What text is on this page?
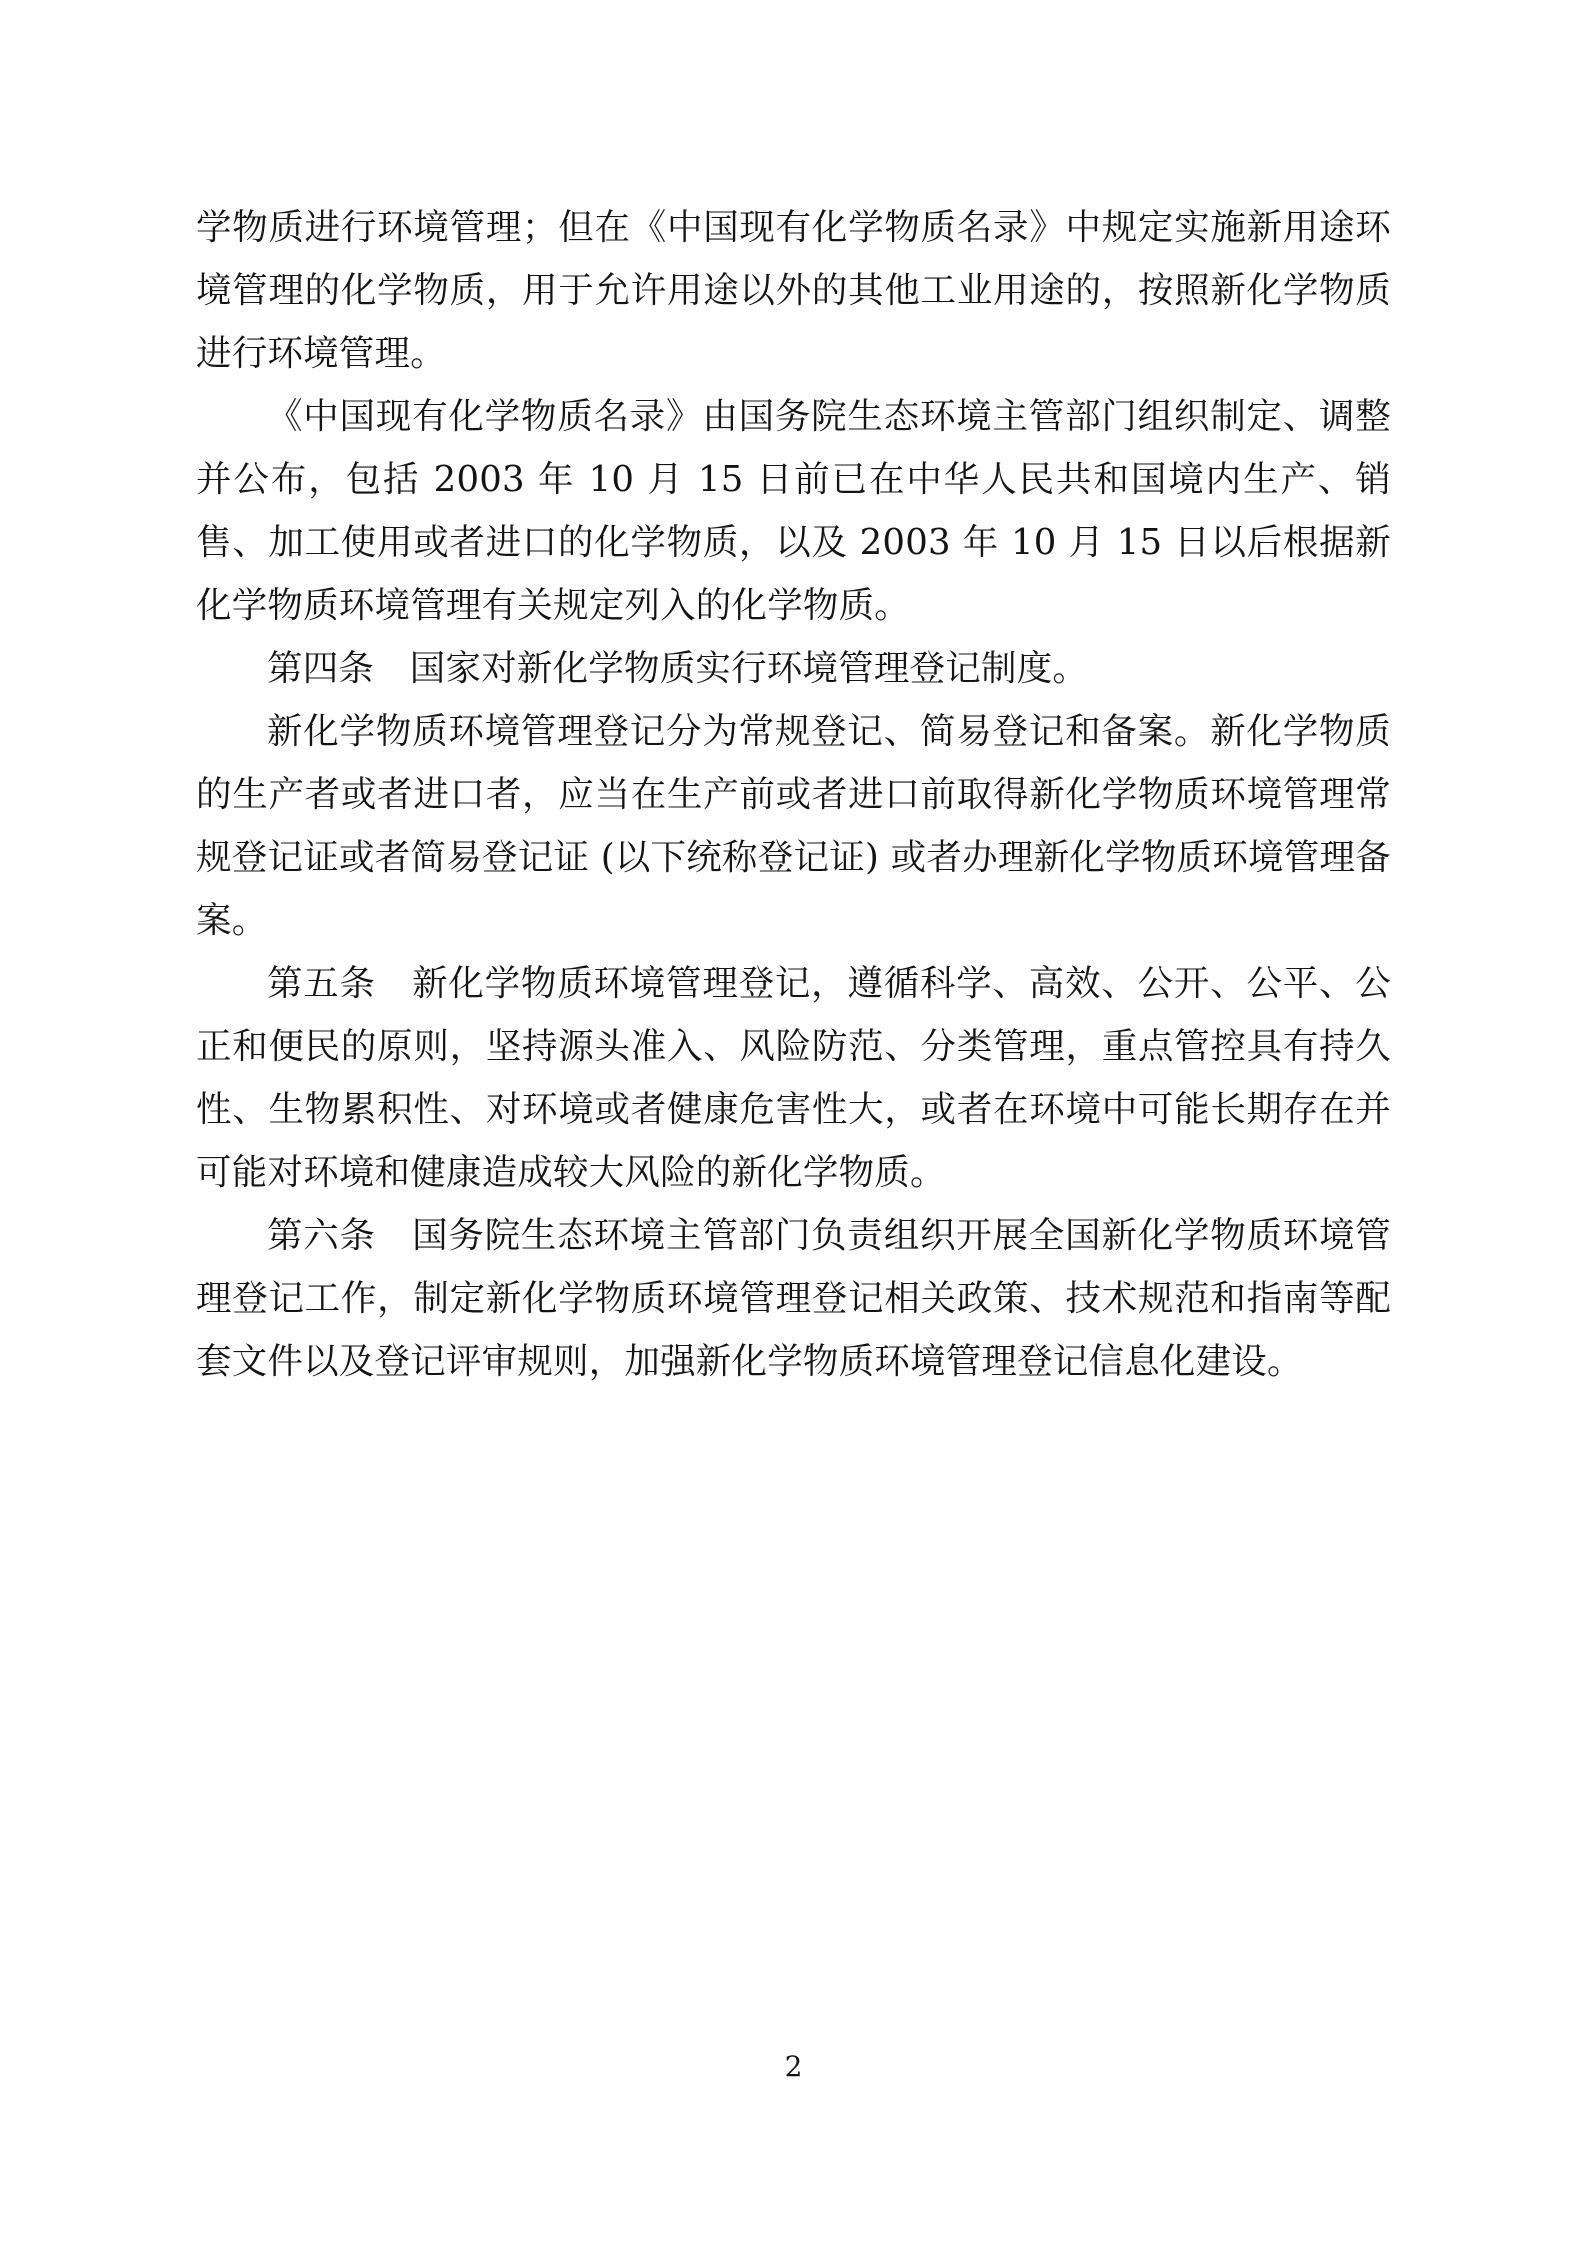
学物质进行环境管理；但在《中国现有化学物质名录》中规定实施新用途环境管理的化学物质，用于允许用途以外的其他工业用途的，按照新化学物质进行环境管理。

《中国现有化学物质名录》由国务院生态环境主管部门组织制定、调整并公布，包括 2003 年 10 月 15 日前已在中华人民共和国境内生产、销售、加工使用或者进口的化学物质，以及 2003 年 10 月 15 日以后根据新化学物质环境管理有关规定列入的化学物质。

第四条　国家对新化学物质实行环境管理登记制度。

新化学物质环境管理登记分为常规登记、简易登记和备案。新化学物质的生产者或者进口者，应当在生产前或者进口前取得新化学物质环境管理常规登记证或者简易登记证 (以下统称登记证) 或者办理新化学物质环境管理备案。

第五条　新化学物质环境管理登记，遵循科学、高效、公开、公平、公正和便民的原则，坚持源头准入、风险防范、分类管理，重点管控具有持久性、生物累积性、对环境或者健康危害性大，或者在环境中可能长期存在并可能对环境和健康造成较大风险的新化学物质。

第六条　国务院生态环境主管部门负责组织开展全国新化学物质环境管理登记工作，制定新化学物质环境管理登记相关政策、技术规范和指南等配套文件以及登记评审规则，加强新化学物质环境管理登记信息化建设。

2
